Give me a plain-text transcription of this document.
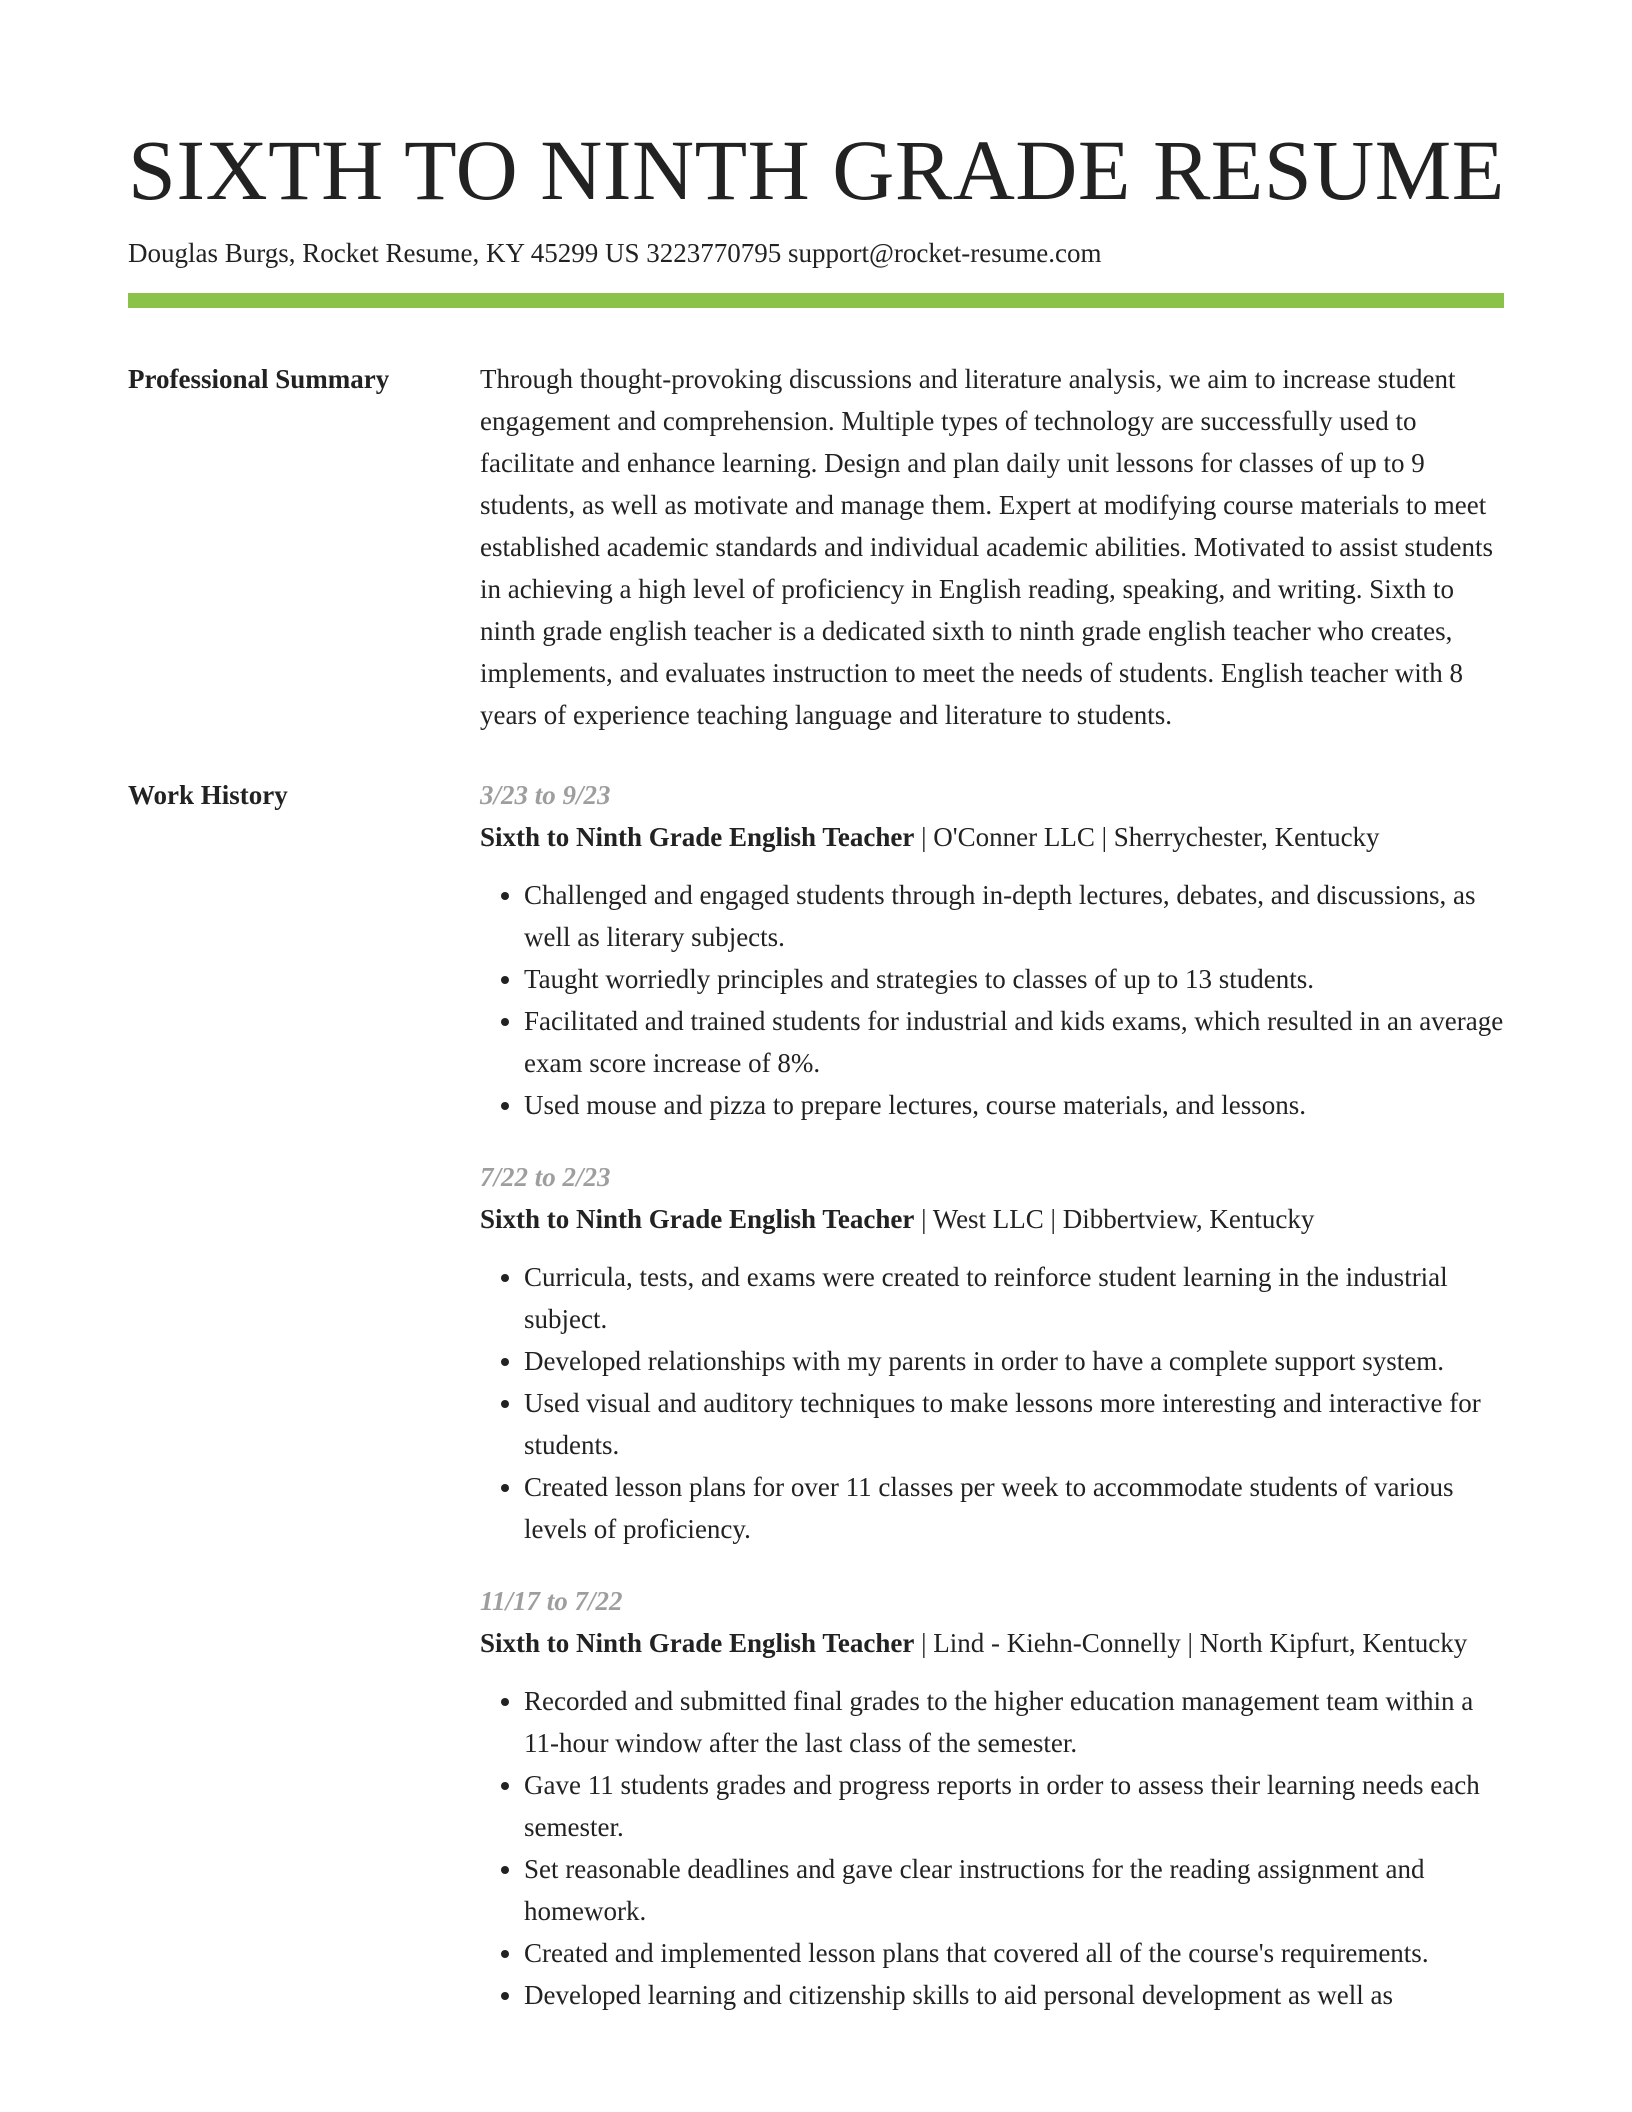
SIXTH TO NINTH GRADE RESUME
Douglas Burgs, Rocket Resume, KY 45299 US 3223770795 support@rocket-resume.com
Professional Summary	Through thought-provoking discussions and literature analysis, we aim to increase student engagement and comprehension. Multiple types of technology are successfully used to facilitate and enhance learning. Design and plan daily unit lessons for classes of up to 9 students, as well as motivate and manage them. Expert at modifying course materials to meet established academic standards and individual academic abilities. Motivated to assist students in achieving a high level of proficiency in English reading, speaking, and writing. Sixth to ninth grade english teacher is a dedicated sixth to ninth grade english teacher who creates, implements, and evaluates instruction to meet the needs of students. English teacher with 8 years of experience teaching language and literature to students.

Work History	3/23 to 9/23
Sixth to Ninth Grade English Teacher | O'Conner LLC | Sherrychester, Kentucky
• Challenged and engaged students through in-depth lectures, debates, and discussions, as well as literary subjects.
• Taught worriedly principles and strategies to classes of up to 13 students.
• Facilitated and trained students for industrial and kids exams, which resulted in an average exam score increase of 8%.
• Used mouse and pizza to prepare lectures, course materials, and lessons.
7/22 to 2/23
Sixth to Ninth Grade English Teacher | West LLC | Dibbertview, Kentucky
• Curricula, tests, and exams were created to reinforce student learning in the industrial subject.
• Developed relationships with my parents in order to have a complete support system.
• Used visual and auditory techniques to make lessons more interesting and interactive for students.
• Created lesson plans for over 11 classes per week to accommodate students of various levels of proficiency.
11/17 to 7/22
Sixth to Ninth Grade English Teacher | Lind - Kiehn-Connelly | North Kipfurt, Kentucky
• Recorded and submitted final grades to the higher education management team within a 11-hour window after the last class of the semester.
• Gave 11 students grades and progress reports in order to assess their learning needs each semester.
• Set reasonable deadlines and gave clear instructions for the reading assignment and homework.
• Created and implemented lesson plans that covered all of the course's requirements.
• Developed learning and citizenship skills to aid personal development as well as
